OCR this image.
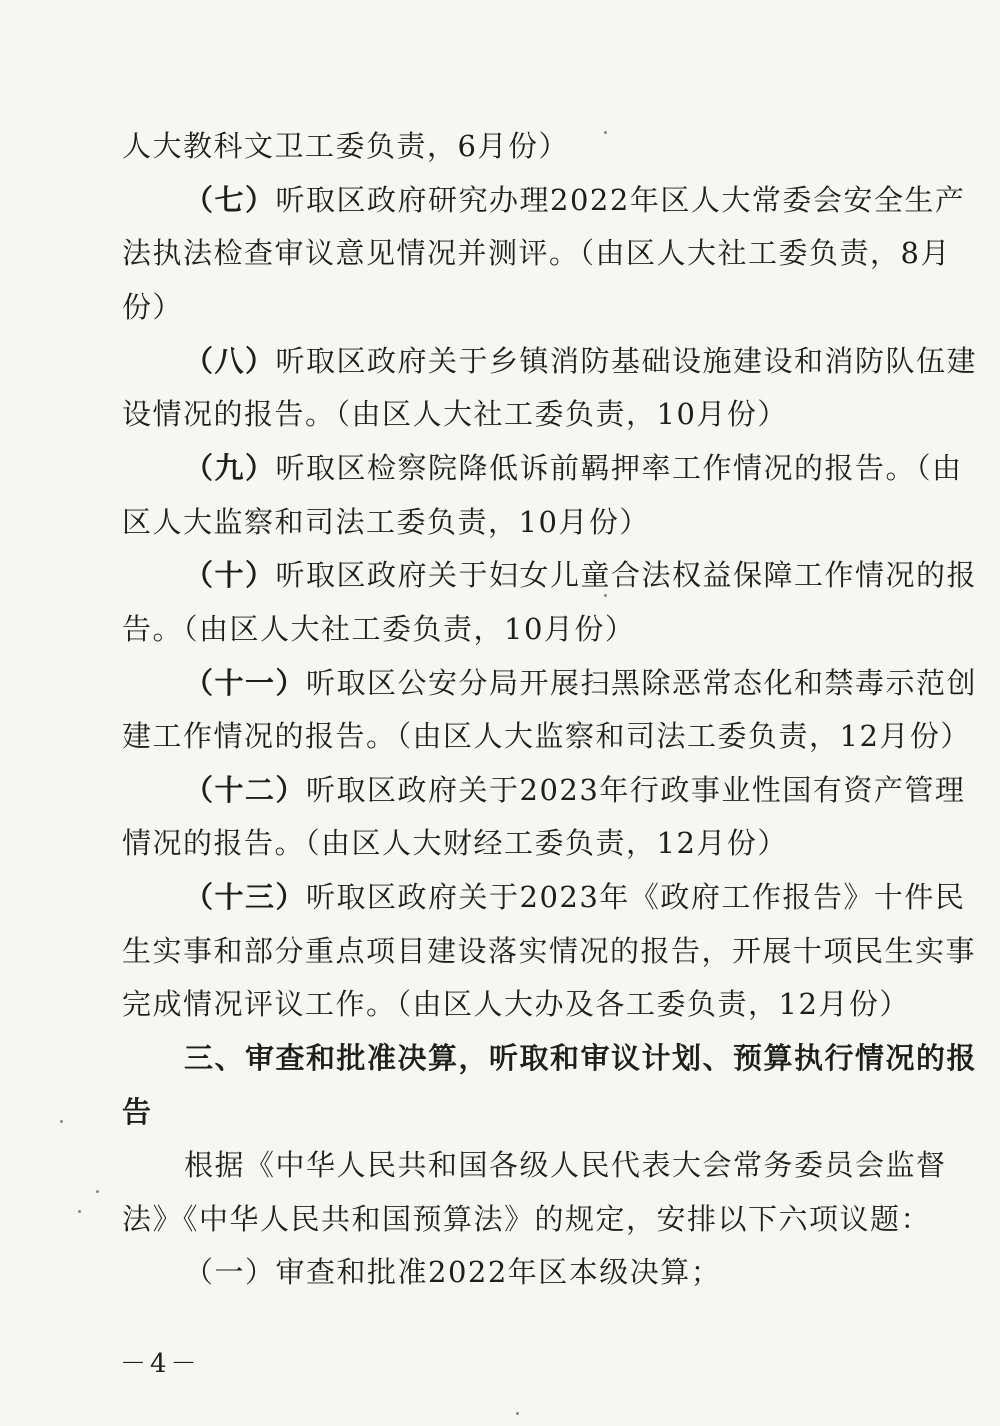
人大教科文卫工委负责，6月份）
（七）听取区政府研究办理2022年区人大常委会安全生产
法执法检查审议意见情况并测评。（由区人大社工委负责，8月
份）
（八）听取区政府关于乡镇消防基础设施建设和消防队伍建
设情况的报告。（由区人大社工委负责，10月份）
（九）听取区检察院降低诉前羁押率工作情况的报告。（由
区人大监察和司法工委负责，10月份）
（十）听取区政府关于妇女儿童合法权益保障工作情况的报
告。（由区人大社工委负责，10月份）
（十一）听取区公安分局开展扫黑除恶常态化和禁毒示范创
建工作情况的报告。（由区人大监察和司法工委负责，12月份）
（十二）听取区政府关于2023年行政事业性国有资产管理
情况的报告。（由区人大财经工委负责，12月份）
（十三）听取区政府关于2023年《政府工作报告》十件民
生实事和部分重点项目建设落实情况的报告，开展十项民生实事
完成情况评议工作。（由区人大办及各工委负责，12月份）
三、审查和批准决算，听取和审议计划、预算执行情况的报
告
根据《中华人民共和国各级人民代表大会常务委员会监督
法》《中华人民共和国预算法》的规定，安排以下六项议题：
（一）审查和批准2022年区本级决算；
－4－
